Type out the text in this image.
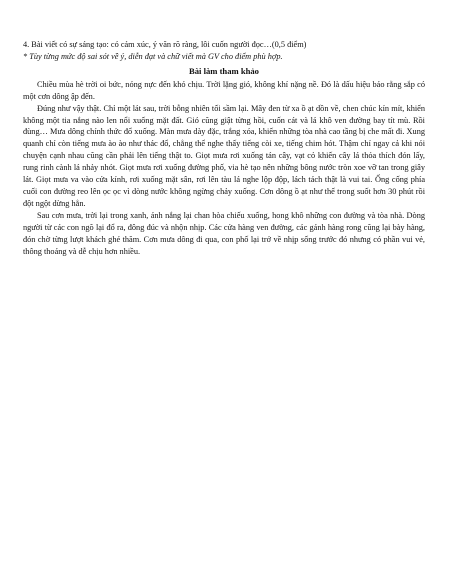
4. Bài viết có sự sáng tạo: có cảm xúc, ý văn rõ ràng, lôi cuốn người đọc…(0,5 điểm)

* Tùy từng mức độ sai sót về ý, diễn đạt và chữ viết mà GV cho điểm phù hợp.

Bài làm tham khảo

Chiều mùa hè trời oi bức, nóng nực đến khó chịu. Trời lặng gió, không khí nặng nề. Đó là dấu hiệu báo rằng sắp có một cơn dông ập đến.

Đúng như vậy thật. Chỉ một lát sau, trời bỗng nhiên tối sầm lại. Mây đen từ xa ồ ạt dồn về, chen chúc kín mít, khiến không một tia nắng nào len nổi xuống mặt đất. Gió cũng giật từng hồi, cuốn cát và lá khô ven đường bay tít mù. Rồi đùng… Mưa dông chính thức đổ xuống. Màn mưa dày đặc, trắng xóa, khiến những tòa nhà cao tầng bị che mất đi. Xung quanh chỉ còn tiếng mưa ào ào như thác đổ, chẳng thể nghe thấy tiếng còi xe, tiếng chim hót. Thậm chí ngay cả khi nói chuyện cạnh nhau cũng cần phải lên tiếng thật to. Giọt mưa rơi xuống tán cây, vạt cỏ khiến cây lá thỏa thích đón lấy, rung rinh cành lá nhảy nhót. Giọt mưa rơi xuống đường phố, via hè tạo nên những bông nước tròn xoe vỡ tan trong giây lát. Giọt mưa va vào cửa kính, rơi xuống mặt sân, rơi lên tàu lá nghe lộp độp, lách tách thật là vui tai. Ống cống phía cuối con đường reo lên ọc ọc vì dòng nước không ngừng chảy xuống. Cơn dông ồ ạt như thế trong suốt hơn 30 phút rồi đột ngột dừng hẳn.

Sau cơn mưa, trời lại trong xanh, ánh nắng lại chan hòa chiếu xuống, hong khô những con đường và tòa nhà. Dòng người từ các con ngõ lại đổ ra, đông đúc và nhộn nhịp. Các cửa hàng ven đường, các gánh hàng rong cũng lại bày hàng, đón chờ từng lượt khách ghé thăm. Cơn mưa dông đi qua, con phố lại trở về nhịp sống trước đó nhưng có phần vui vẻ, thông thoáng và dễ chịu hơn nhiều.
